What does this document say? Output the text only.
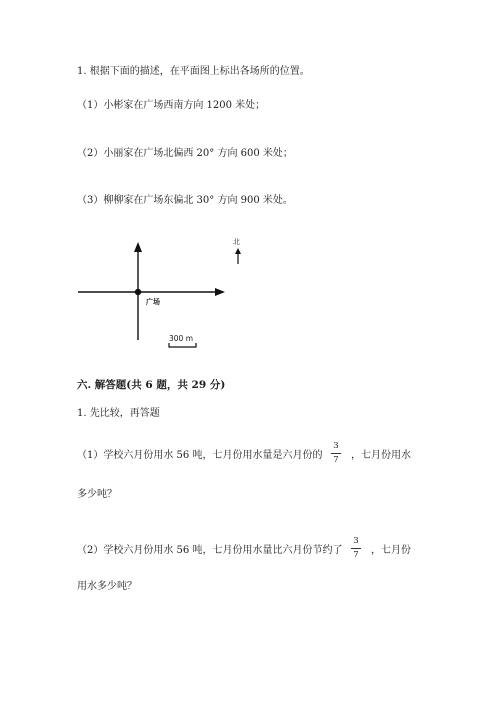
1. 根据下面的描述，在平面图上标出各场所的位置。
（1）小彬家在广场西南方向 1200 米处；
（2）小丽家在广场北偏西 20° 方向 600 米处；
（3）柳柳家在广场东偏北 30° 方向 900 米处。
北
广场
300 m
六. 解答题(共 6 题，共 29 分)
1. 先比较，再答题
（1）学校六月份用水 56 吨，七月份用水量是六月份的
3
7	，七月份用水
多少吨？
（2）学校六月份用水 56 吨，七月份用水量比六月份节约了
3
7	，七月份
用水多少吨？
